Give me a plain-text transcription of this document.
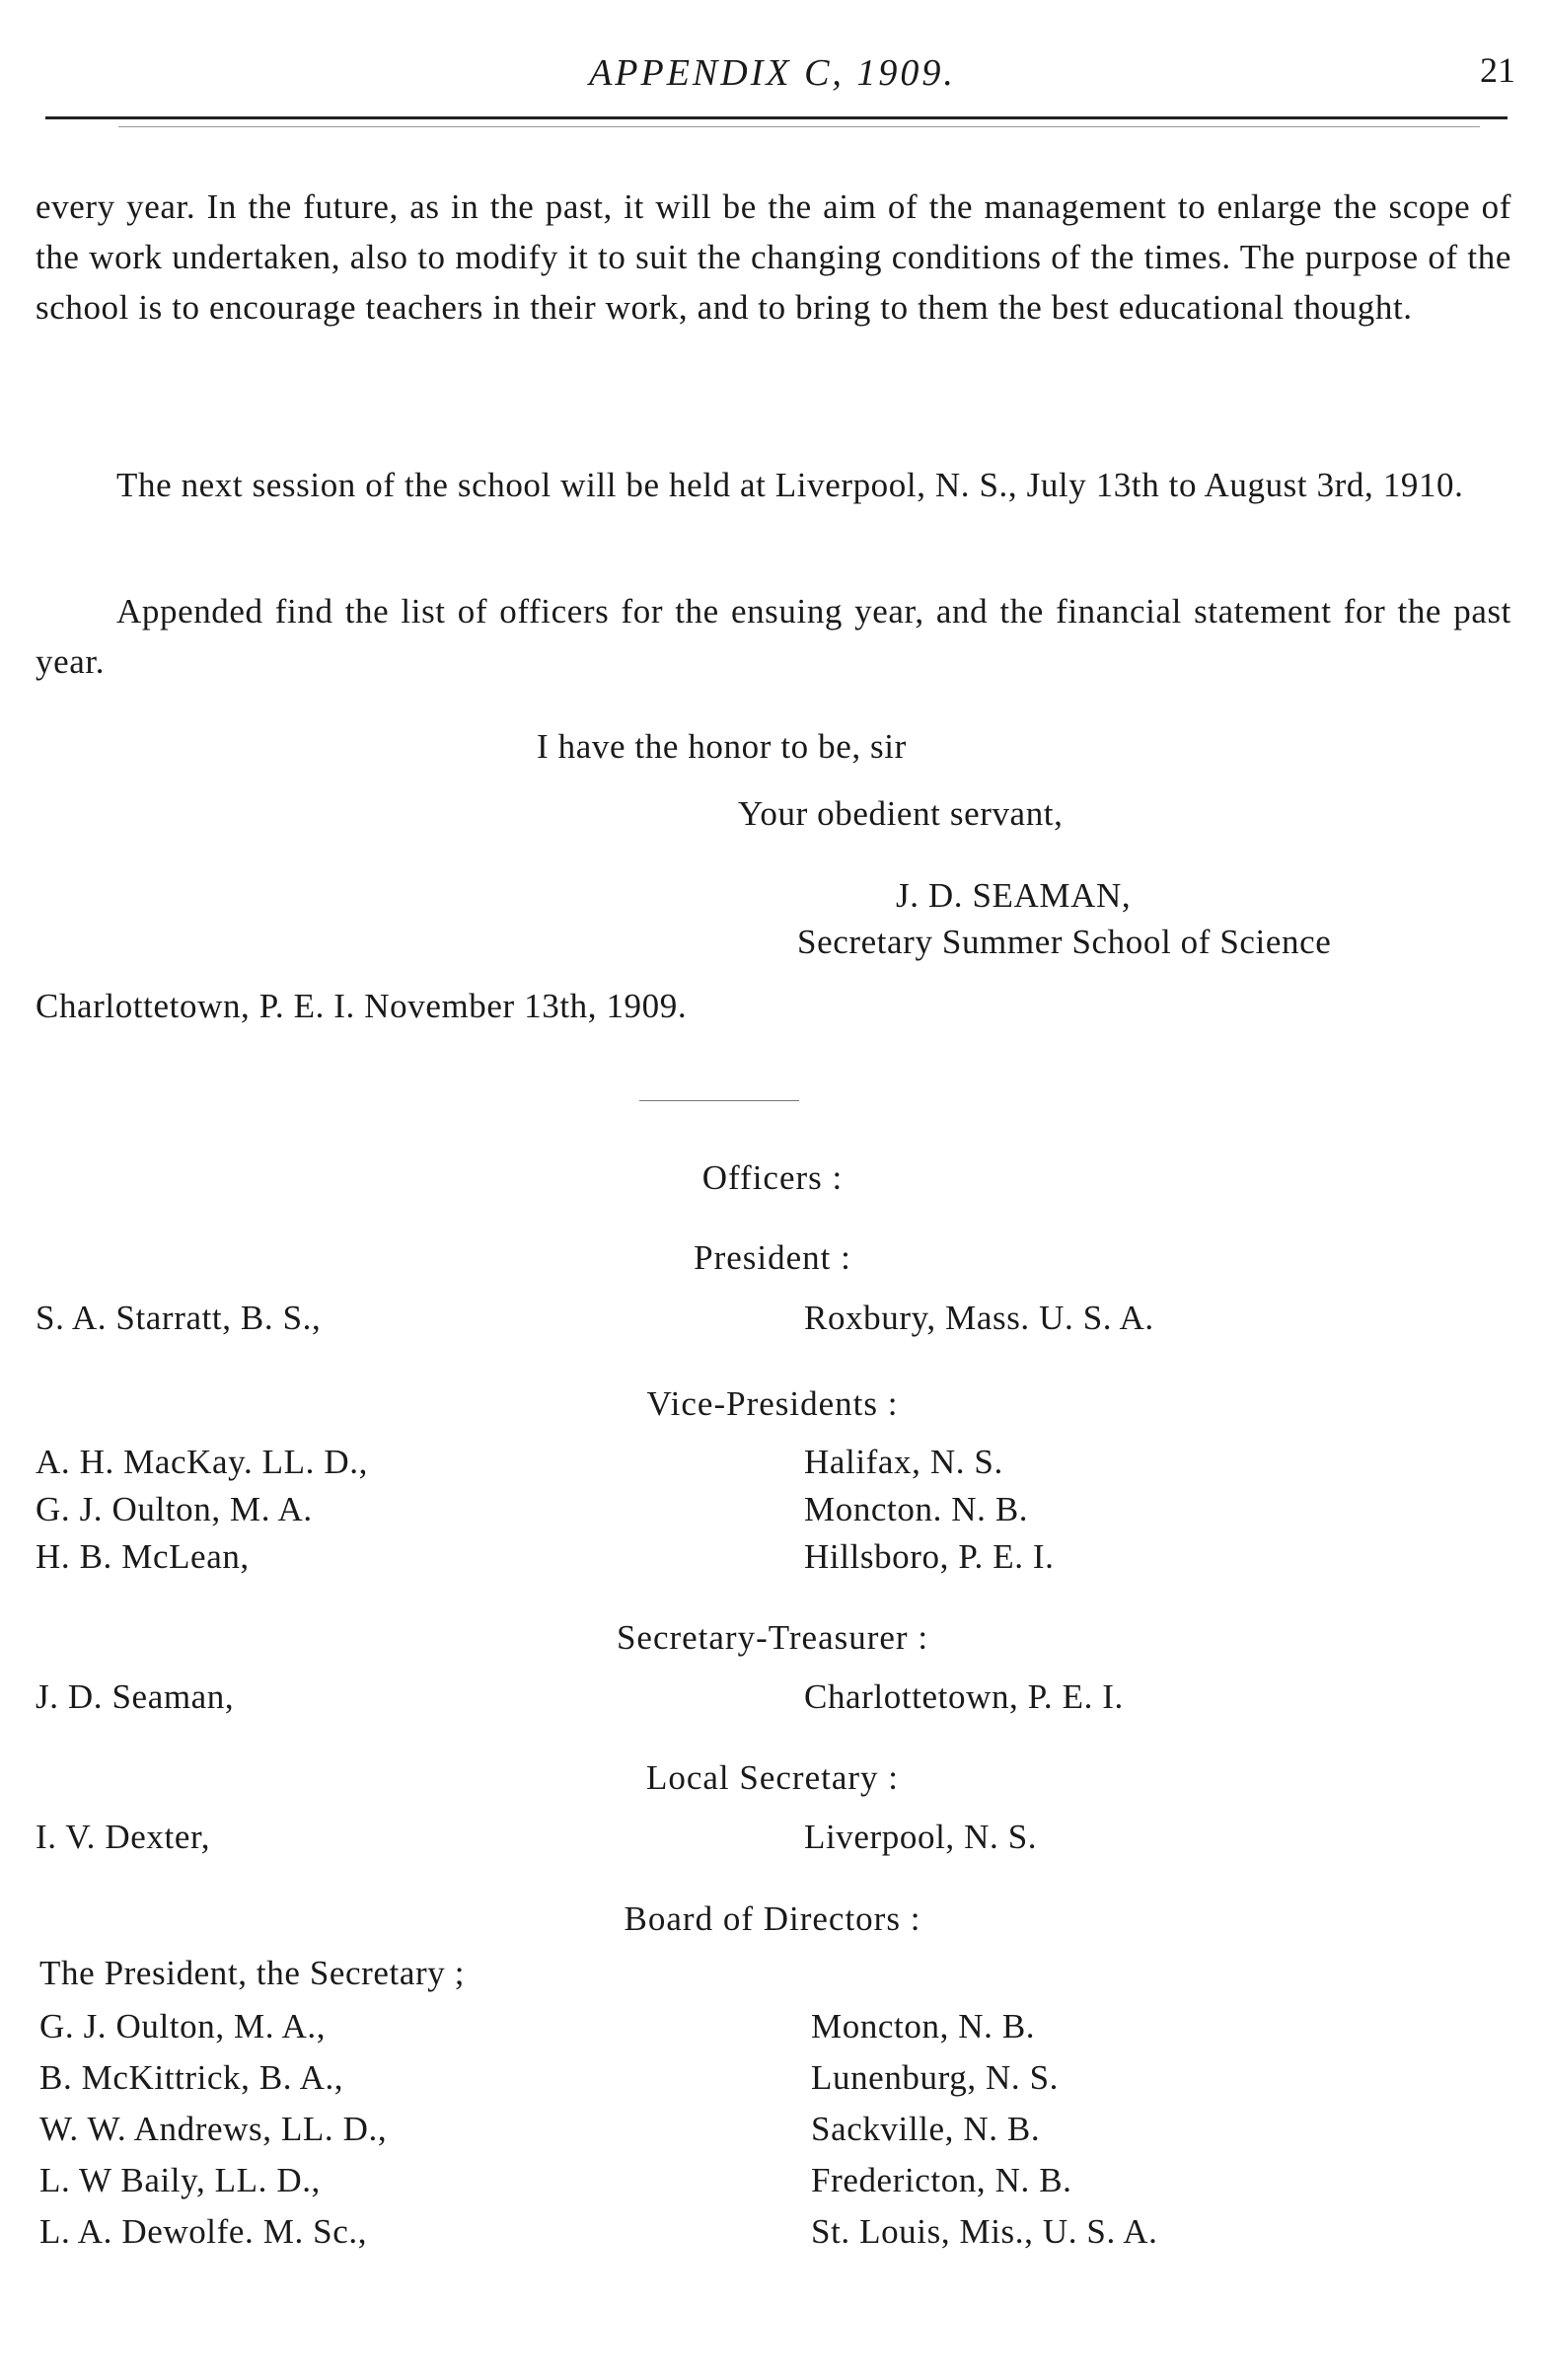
APPENDIX C, 1909.	21
every year. In the future, as in the past, it will be the aim of the management to enlarge the scope of the work undertaken, also to modify it to suit the changing conditions of the times. The purpose of the school is to encourage teachers in their work, and to bring to them the best educational thought.
The next session of the school will be held at Liverpool, N. S., July 13th to August 3rd, 1910.
Appended find the list of officers for the ensuing year, and the financial statement for the past year.
I have the honor to be, sir
Your obedient servant,
J. D. SEAMAN,
Secretary Summer School of Science
Charlottetown, P. E. I. November 13th, 1909.
Officers :
President :
S. A. Starratt, B. S.,	Roxbury, Mass. U. S. A.
Vice-Presidents :
A. H. MacKay. LL. D.,	Halifax, N. S.
G. J. Oulton, M. A.	Moncton. N. B.
H. B. McLean,	Hillsboro, P. E. I.
Secretary-Treasurer :
J. D. Seaman,	Charlottetown, P. E. I.
Local Secretary :
I. V. Dexter,	Liverpool, N. S.
Board of Directors :
The President, the Secretary ;
G. J. Oulton, M. A.,	Moncton, N. B.
B. McKittrick, B. A.,	Lunenburg, N. S.
W. W. Andrews, LL. D.,	Sackville, N. B.
L. W Baily, LL. D.,	Fredericton, N. B.
L. A. Dewolfe. M. Sc.,	St. Louis, Mis., U. S. A.
